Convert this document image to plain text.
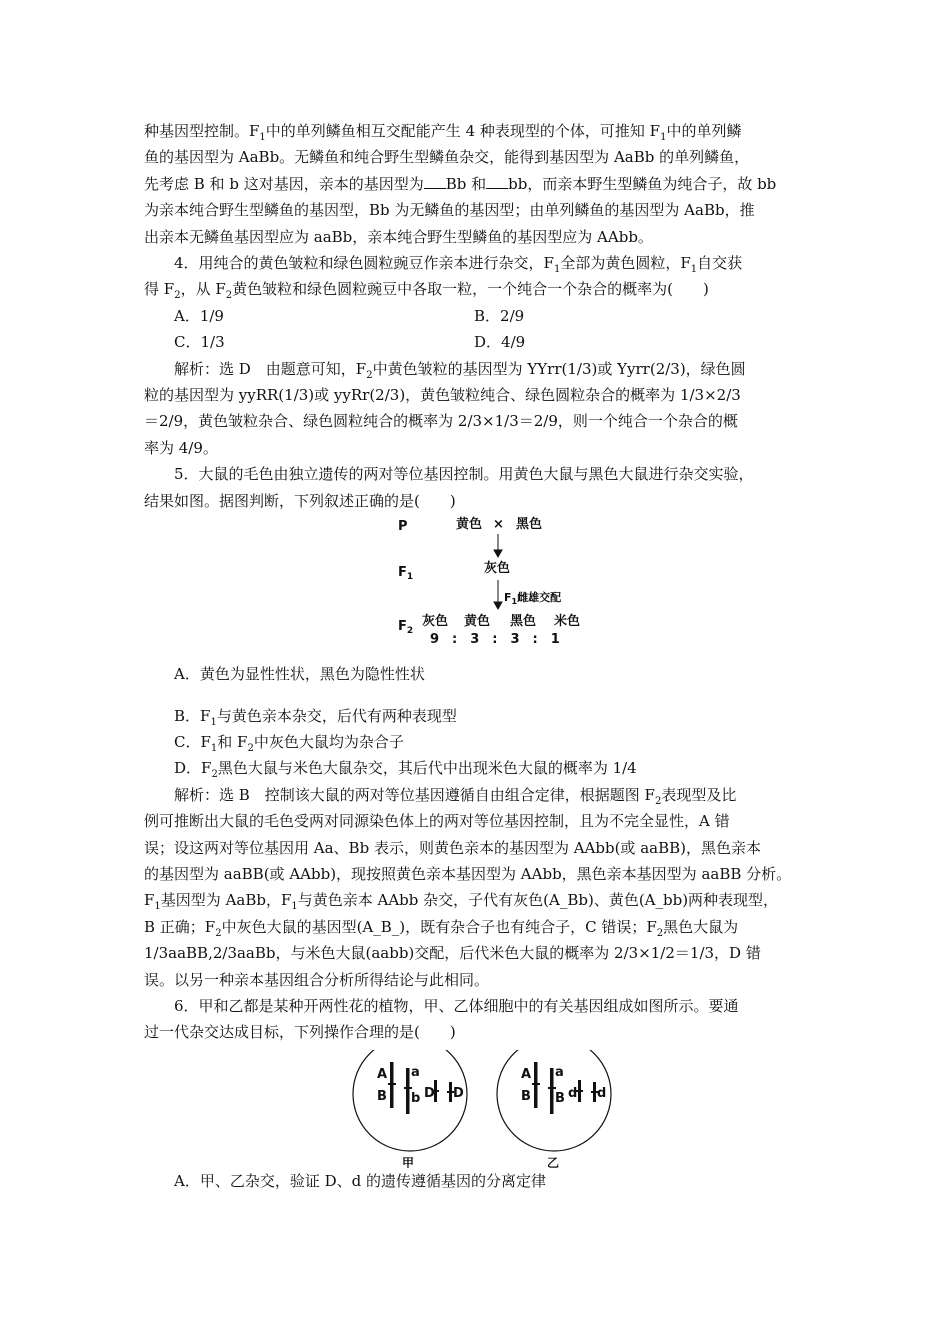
种基因型控制。$F_1$中的单列鳞鱼相互交配能产生 4 种表现型的个体，可推知 $F_1$中的单列鳞

鱼的基因型为 AaBb。无鳞鱼和纯合野生型鳞鱼杂交，能得到基因型为 AaBb 的单列鳞鱼，

先考虑 B 和 b 这对基因，亲本的基因型为 Bb 和 bb，而亲本野生型鳞鱼为纯合子，故 bb

为亲本纯合野生型鳞鱼的基因型，Bb 为无鳞鱼的基因型；由单列鳞鱼的基因型为 AaBb，推

出亲本无鳞鱼基因型应为 aaBb，亲本纯合野生型鳞鱼的基因型应为 AAbb。

4．用纯合的黄色皱粒和绿色圆粒豌豆作亲本进行杂交，$F_1$全部为黄色圆粒，$F_1$自交获

得 $F_2$，从 $F_2$黄色皱粒和绿色圆粒豌豆中各取一粒，一个纯合一个杂合的概率为(　　)

A．1/9	B．2/9
C．1/3	D．4/9

解析：选 D　由题意可知，$F_2$中黄色皱粒的基因型为 YYrr(1/3)或 Yyrr(2/3)，绿色圆

粒的基因型为 yyRR(1/3)或 yyRr(2/3)，黄色皱粒纯合、绿色圆粒杂合的概率为 1/3×2/3

＝2/9，黄色皱粒杂合、绿色圆粒纯合的概率为 2/3×1/3＝2/9，则一个纯合一个杂合的概

率为 4/9。

5．大鼠的毛色由独立遗传的两对等位基因控制。用黄色大鼠与黑色大鼠进行杂交实验，

结果如图。据图判断，下列叙述正确的是(　　)

P	黄色 × 黑色
$F_1$
灰色
$F_1$雌雄交配
$F_2$
灰色 黄色 黑色 米色
9　:　3　:　3　:　1

A．黄色为显性性状，黑色为隐性性状

B．$F_1$与黄色亲本杂交，后代有两种表现型

C．$F_1$和 $F_2$中灰色大鼠均为杂合子

D．$F_2$黑色大鼠与米色大鼠杂交，其后代中出现米色大鼠的概率为 1/4

解析：选 B　控制该大鼠的两对等位基因遵循自由组合定律，根据题图 $F_2$表现型及比

例可推断出大鼠的毛色受两对同源染色体上的两对等位基因控制，且为不完全显性，A 错

误；设这两对等位基因用 Aa、Bb 表示，则黄色亲本的基因型为 AAbb(或 aaBB)，黑色亲本

的基因型为 aaBB(或 AAbb)，现按照黄色亲本基因型为 AAbb，黑色亲本基因型为 aaBB 分析。

$F_1$基因型为 AaBb，$F_1$与黄色亲本 AAbb 杂交，子代有灰色(A_Bb)、黄色(A_bb)两种表现型，

B 正确；$F_2$中灰色大鼠的基因型(A_B_)，既有杂合子也有纯合子，C 错误；$F_2$黑色大鼠为

1/3aaBB,2/3aaBb，与米色大鼠(aabb)交配，后代米色大鼠的概率为 2/3×1/2＝1/3，D 错

误。以另一种亲本基因组合分析所得结论与此相同。

6．甲和乙都是某种开两性花的植物，甲、乙体细胞中的有关基因组成如图所示。要通

过一代杂交达成目标，下列操作合理的是(　　)

A a
B b D D
A a
B B d d
甲	乙

A．甲、乙杂交，验证 D、d 的遗传遵循基因的分离定律
